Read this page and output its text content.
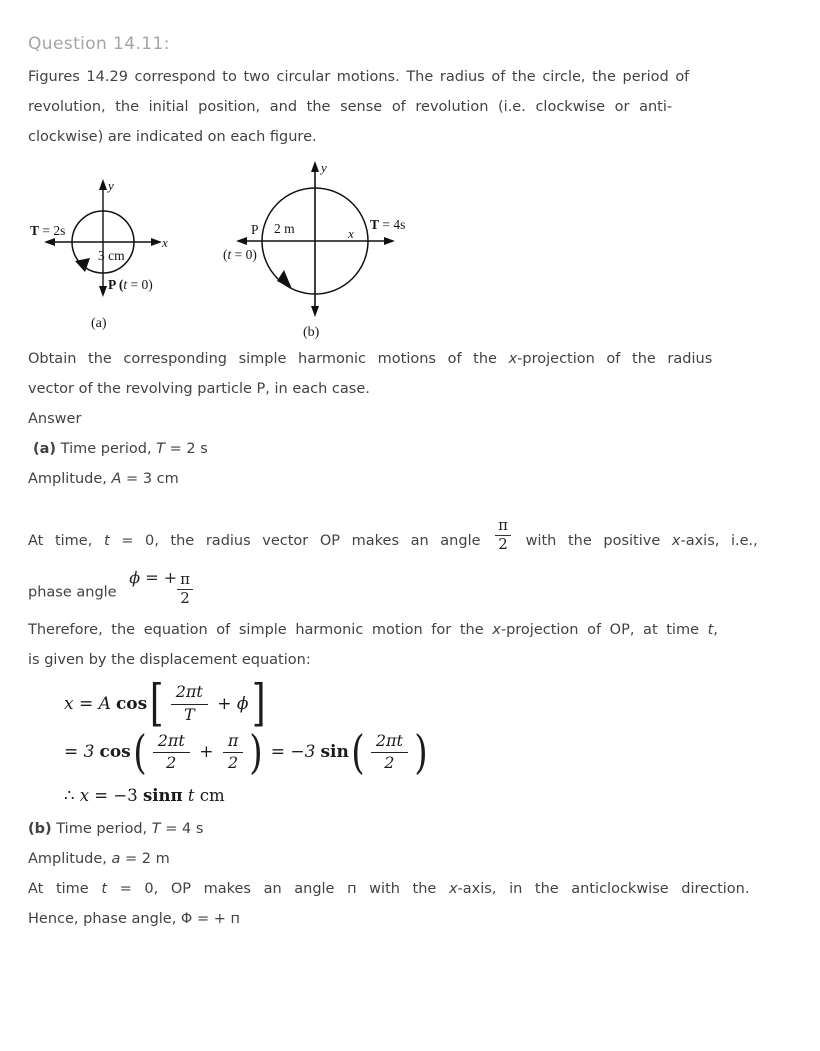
Question 14.11:
Figures 14.29 correspond to two circular motions. The radius of the circle, the period of
revolution, the initial position, and the sense of revolution (i.e. clockwise or anti-
clockwise) are indicated on each figure.
y
x
T = 2s
3 cm
P (t = 0)
(a)
y
x
T = 4s
P 2 m
(t = 0)
(b)
Obtain the corresponding simple harmonic motions of the x-projection of the radius
vector of the revolving particle P, in each case.
Answer
(a) Time period, T = 2 s
Amplitude, A = 3 cm
At time, t = 0, the radius vector OP makes an angle $\frac{\pi}{2}$ with the positive x-axis, i.e.,
phase angle
ϕ = + $\frac{\pi}{2}$
Therefore, the equation of simple harmonic motion for the x-projection of OP, at time t,
is given by the displacement equation:
x = A cos [ 2πt
T
+ ϕ ]
= 3 cos ( 2πt
2
+ $\frac{\pi}{2}$ ) = −3 sin ( 2πt
2 )
∴ x = −3 sinπ t cm
(b) Time period, T = 4 s
Amplitude, a = 2 m
At time t = 0, OP makes an angle п with the x-axis, in the anticlockwise direction.
Hence, phase angle, Φ = + п
